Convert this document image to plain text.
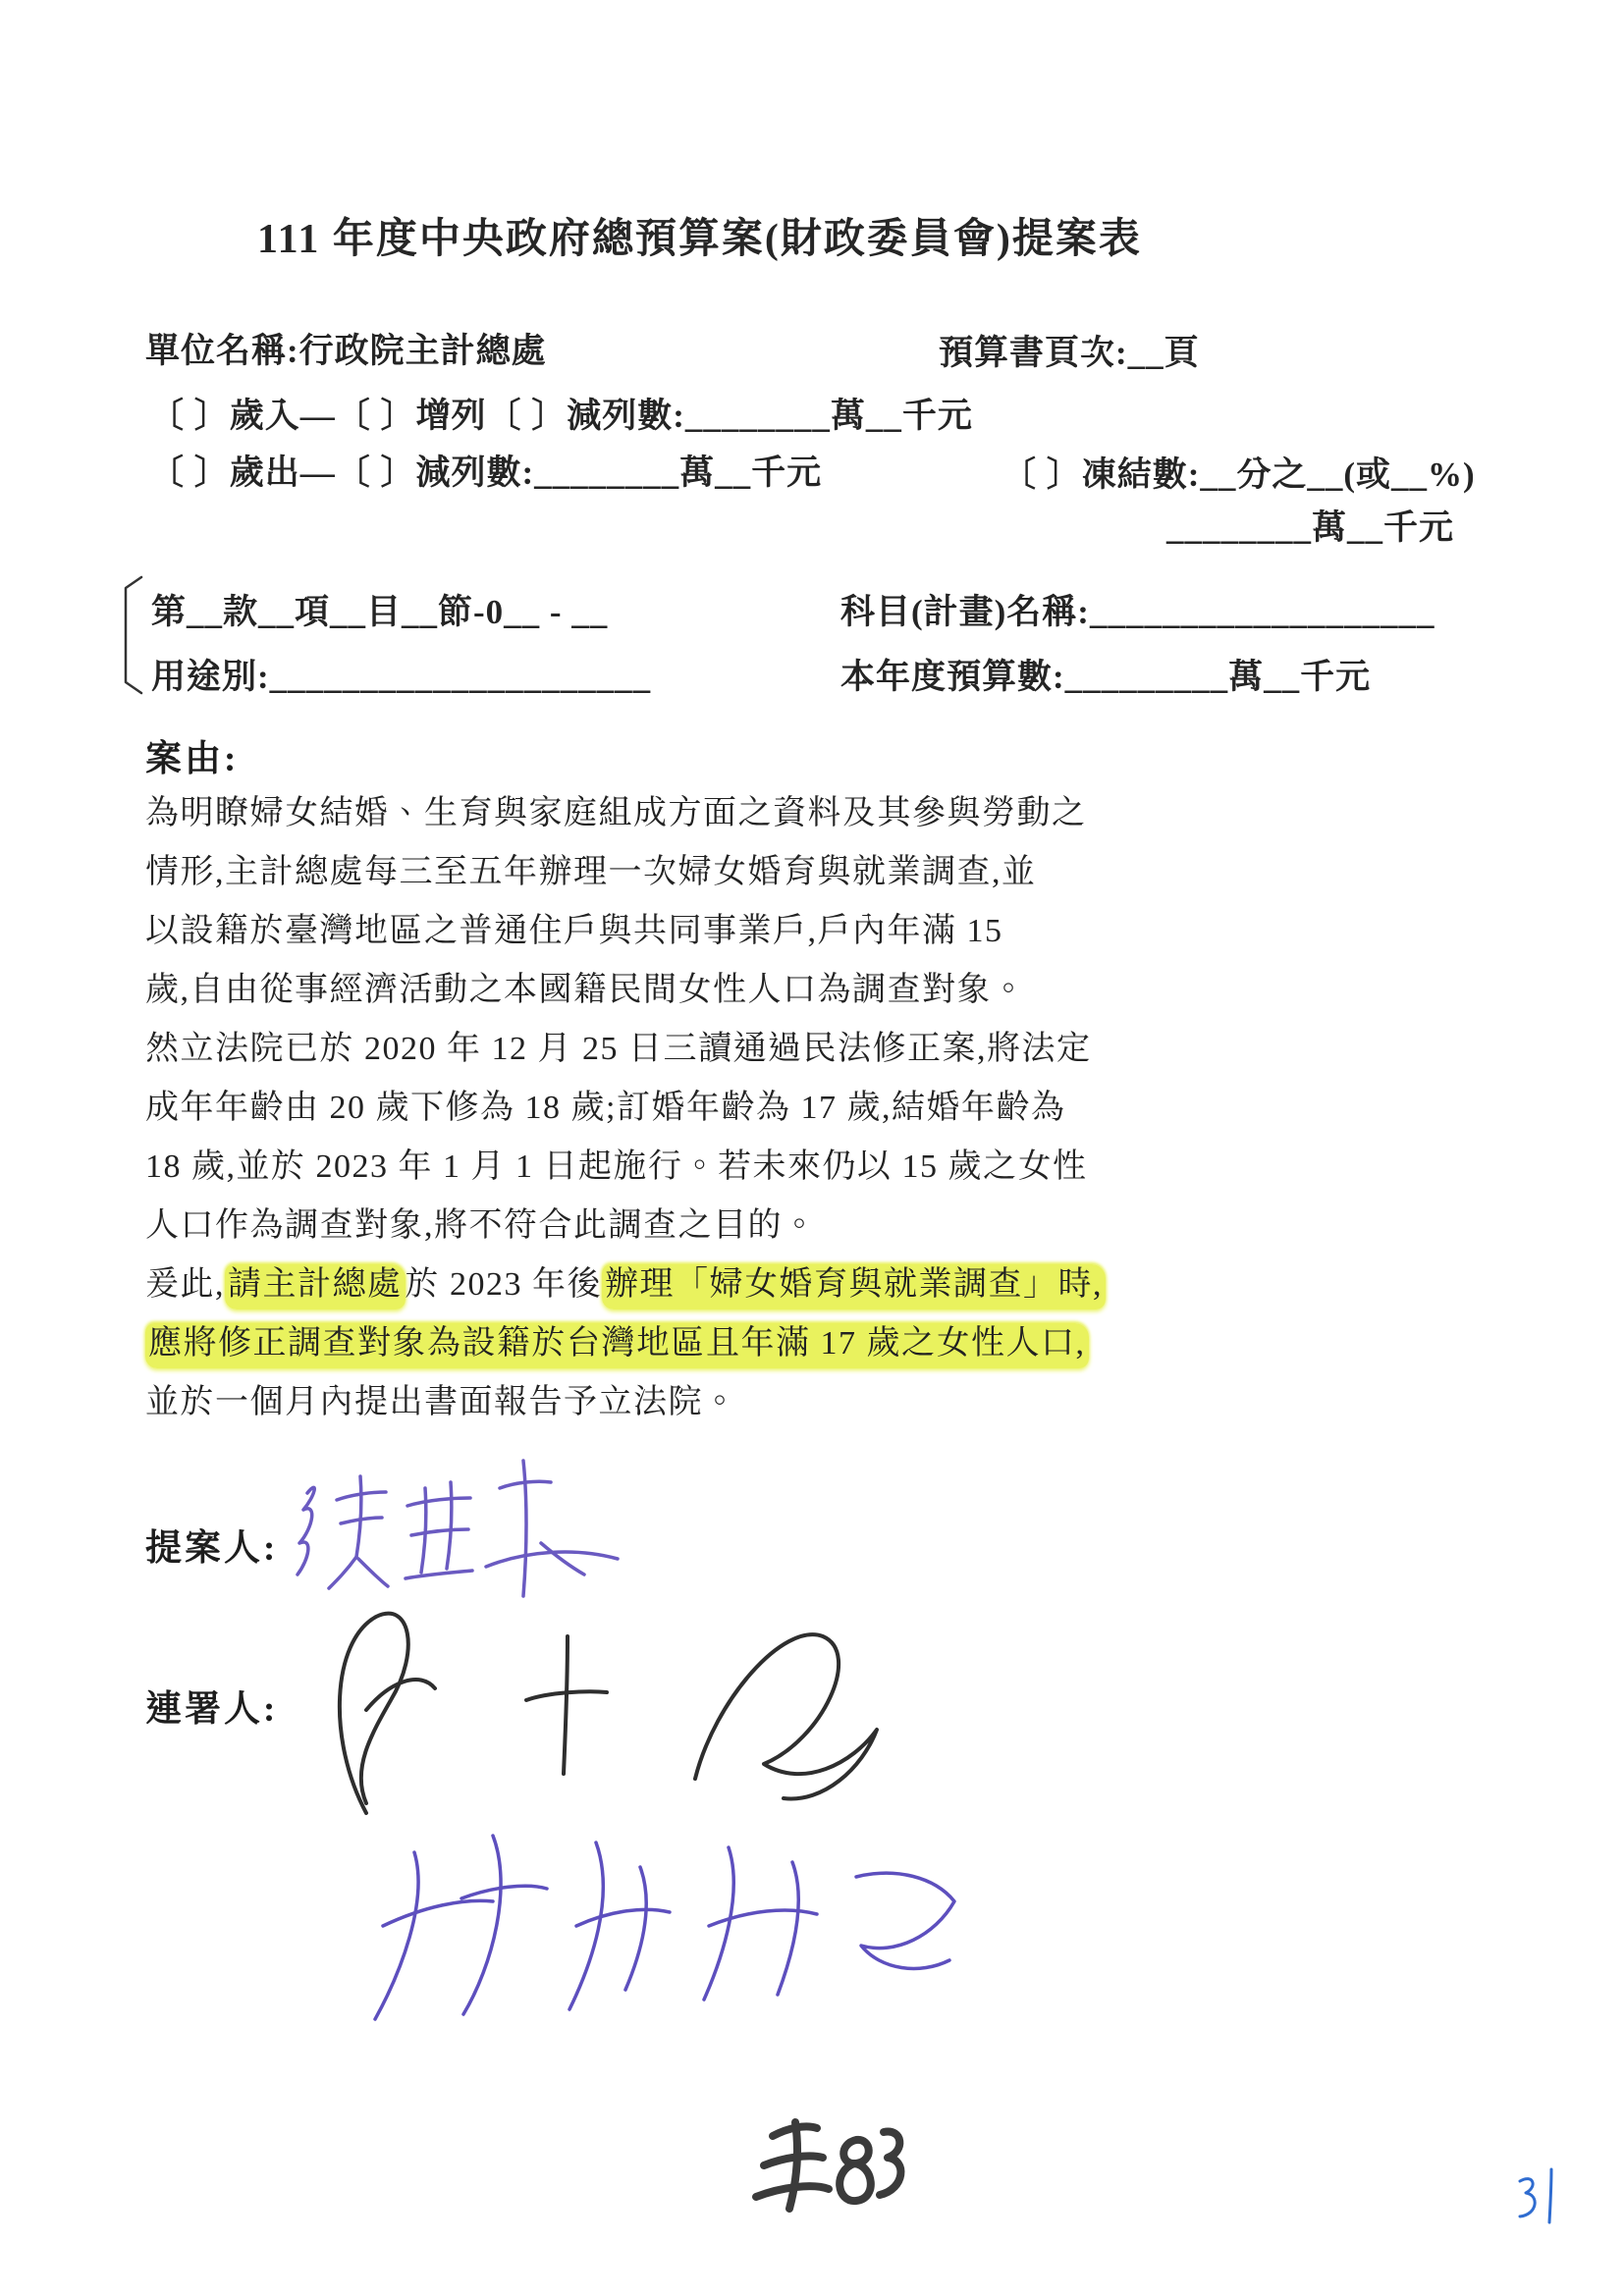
111 年度中央政府總預算案(財政委員會)提案表
單位名稱:行政院主計總處	預算書頁次:__頁
〔 〕歲入—〔 〕增列〔 〕減列數:________萬__千元
〔 〕歲出—〔 〕減列數:________萬__千元	〔 〕凍結數:__分之__(或__%)
________萬__千元
第__款__項__目__節-0__ - __	科目(計畫)名稱:___________________
用途別:_____________________	本年度預算數:_________萬__千元
案由:
為明瞭婦女結婚、生育與家庭組成方面之資料及其參與勞動之
情形,主計總處每三至五年辦理一次婦女婚育與就業調查,並
以設籍於臺灣地區之普通住戶與共同事業戶,戶內年滿 15
歲,自由從事經濟活動之本國籍民間女性人口為調查對象。
然立法院已於 2020 年 12 月 25 日三讀通過民法修正案,將法定
成年年齡由 20 歲下修為 18 歲;訂婚年齡為 17 歲,結婚年齡為
18 歲,並於 2023 年 1 月 1 日起施行。若未來仍以 15 歲之女性
人口作為調查對象,將不符合此調查之目的。
爰此,請主計總處於 2023 年後辦理「婦女婚育與就業調查」時,
應將修正調查對象為設籍於台灣地區且年滿 17 歲之女性人口,
並於一個月內提出書面報告予立法院。
提案人:
連署人:
